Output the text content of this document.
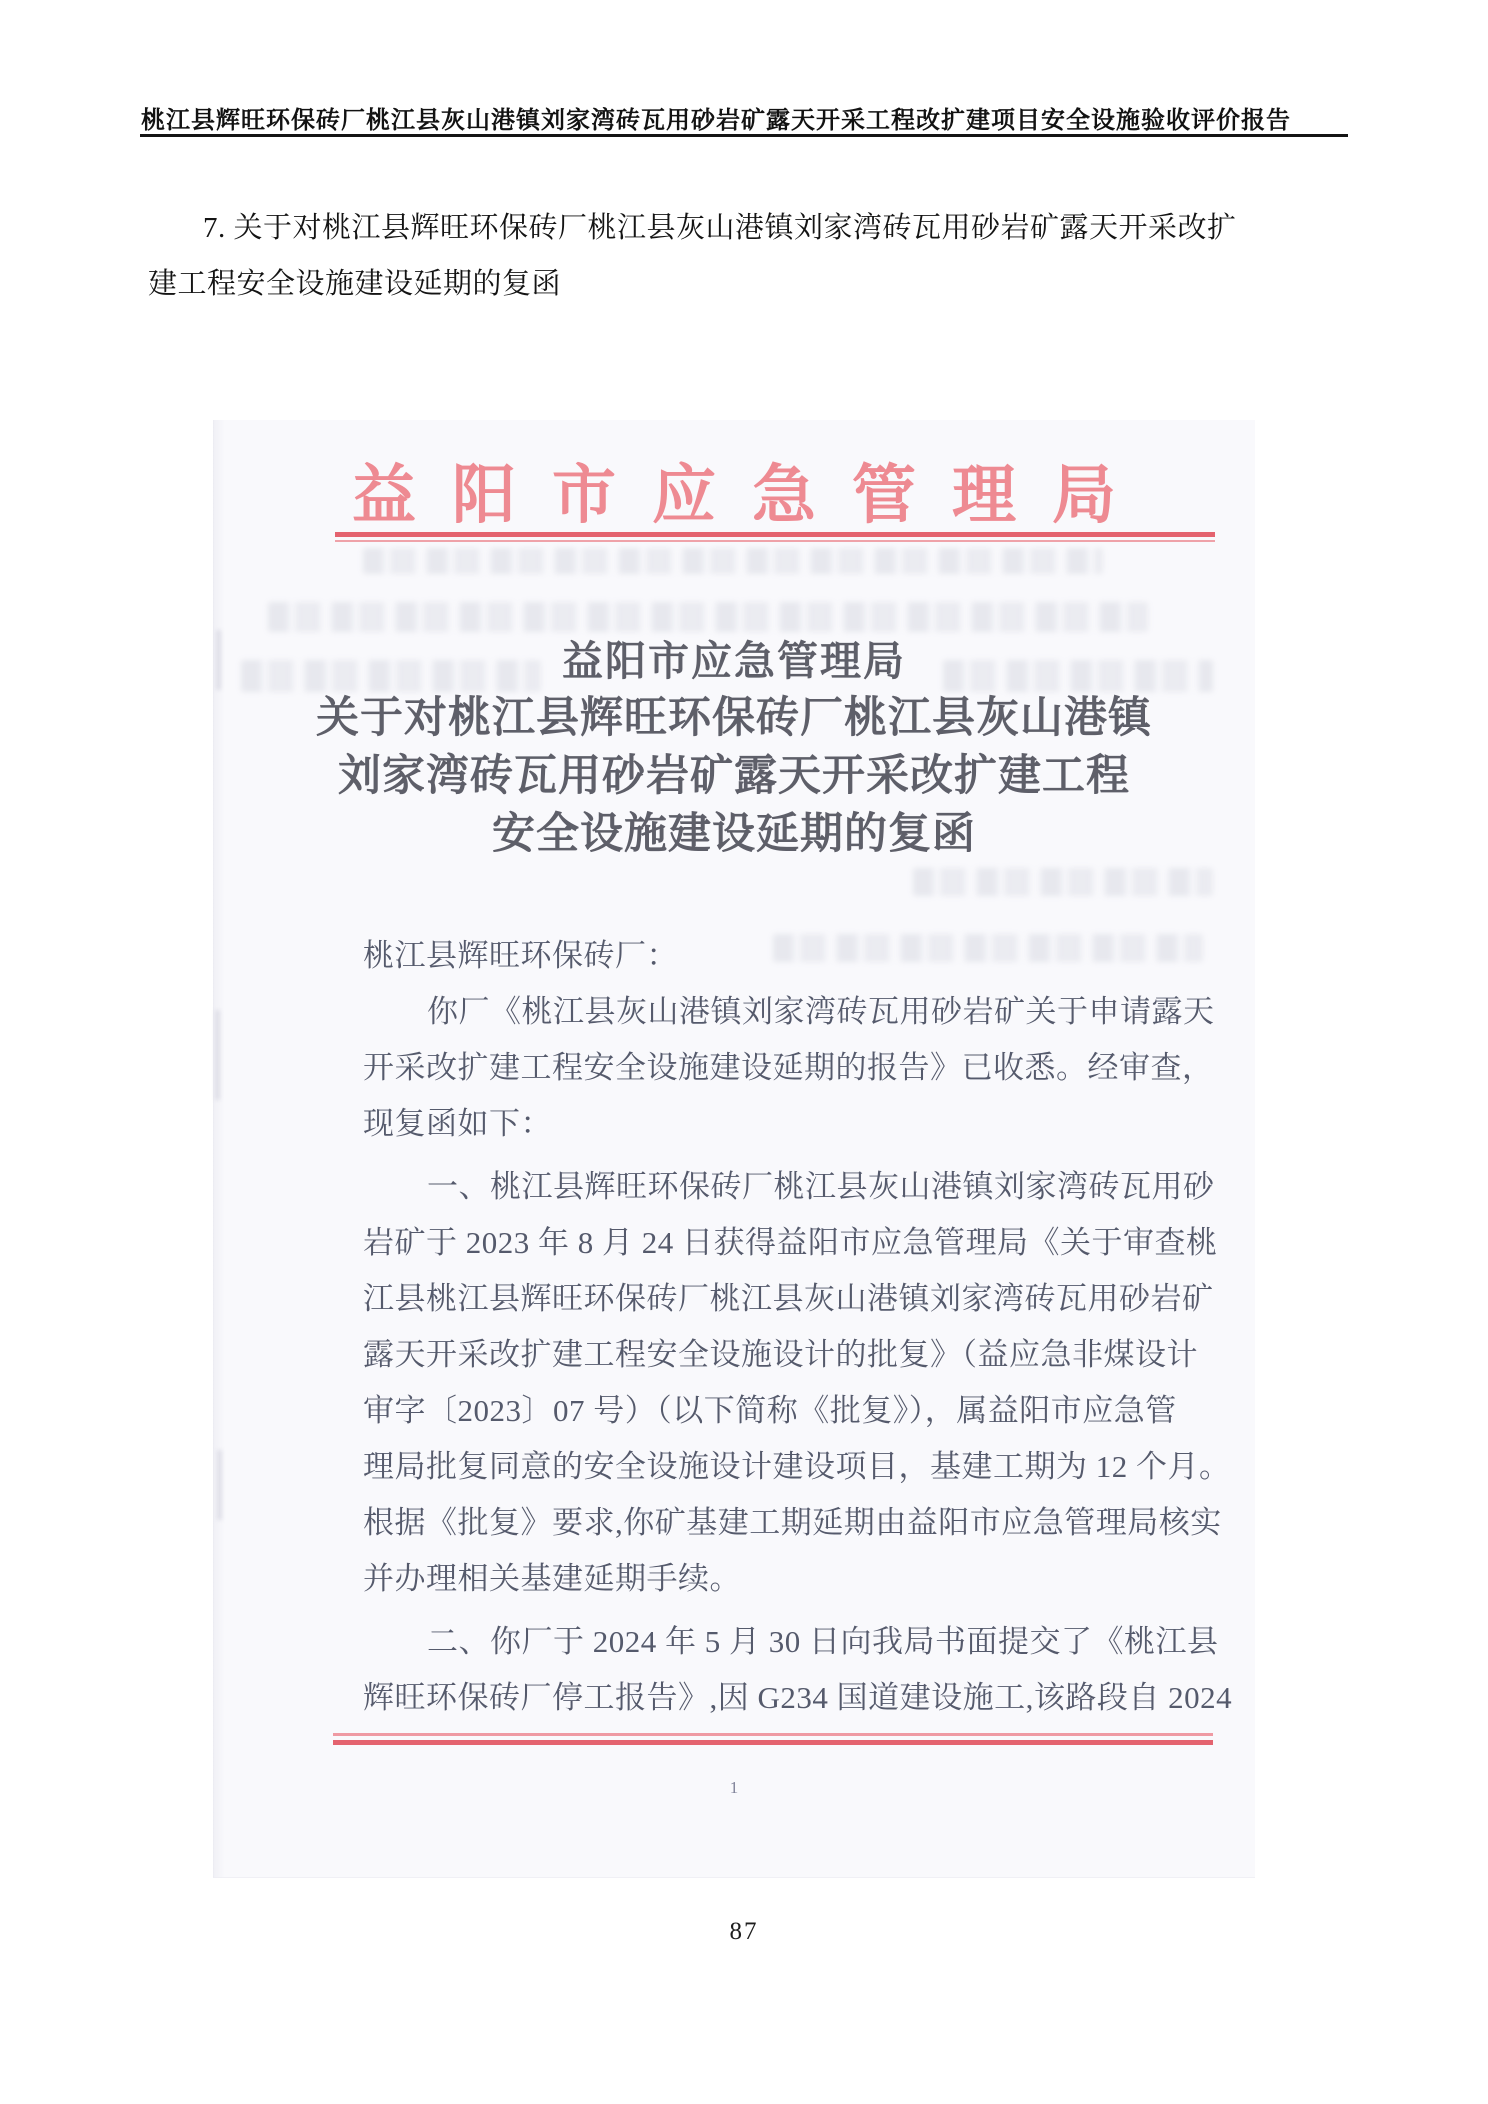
桃江县辉旺环保砖厂桃江县灰山港镇刘家湾砖瓦用砂岩矿露天开采工程改扩建项目安全设施验收评价报告
7. 关于对桃江县辉旺环保砖厂桃江县灰山港镇刘家湾砖瓦用砂岩矿露天开采改扩
建工程安全设施建设延期的复函
益阳市应急管理局
益阳市应急管理局
关于对桃江县辉旺环保砖厂桃江县灰山港镇
刘家湾砖瓦用砂岩矿露天开采改扩建工程
安全设施建设延期的复函
桃江县辉旺环保砖厂：
你厂《桃江县灰山港镇刘家湾砖瓦用砂岩矿关于申请露天
开采改扩建工程安全设施建设延期的报告》已收悉。经审查，
现复函如下：
一、桃江县辉旺环保砖厂桃江县灰山港镇刘家湾砖瓦用砂
岩矿于 2023 年 8 月 24 日获得益阳市应急管理局《关于审查桃
江县桃江县辉旺环保砖厂桃江县灰山港镇刘家湾砖瓦用砂岩矿
露天开采改扩建工程安全设施设计的批复》（益应急非煤设计
审字〔2023〕07 号）（以下简称《批复》），属益阳市应急管
理局批复同意的安全设施设计建设项目，基建工期为 12 个月。
根据《批复》要求,你矿基建工期延期由益阳市应急管理局核实
并办理相关基建延期手续。
二、你厂于 2024 年 5 月 30 日向我局书面提交了《桃江县
辉旺环保砖厂停工报告》,因 G234 国道建设施工,该路段自 2024
1
87
